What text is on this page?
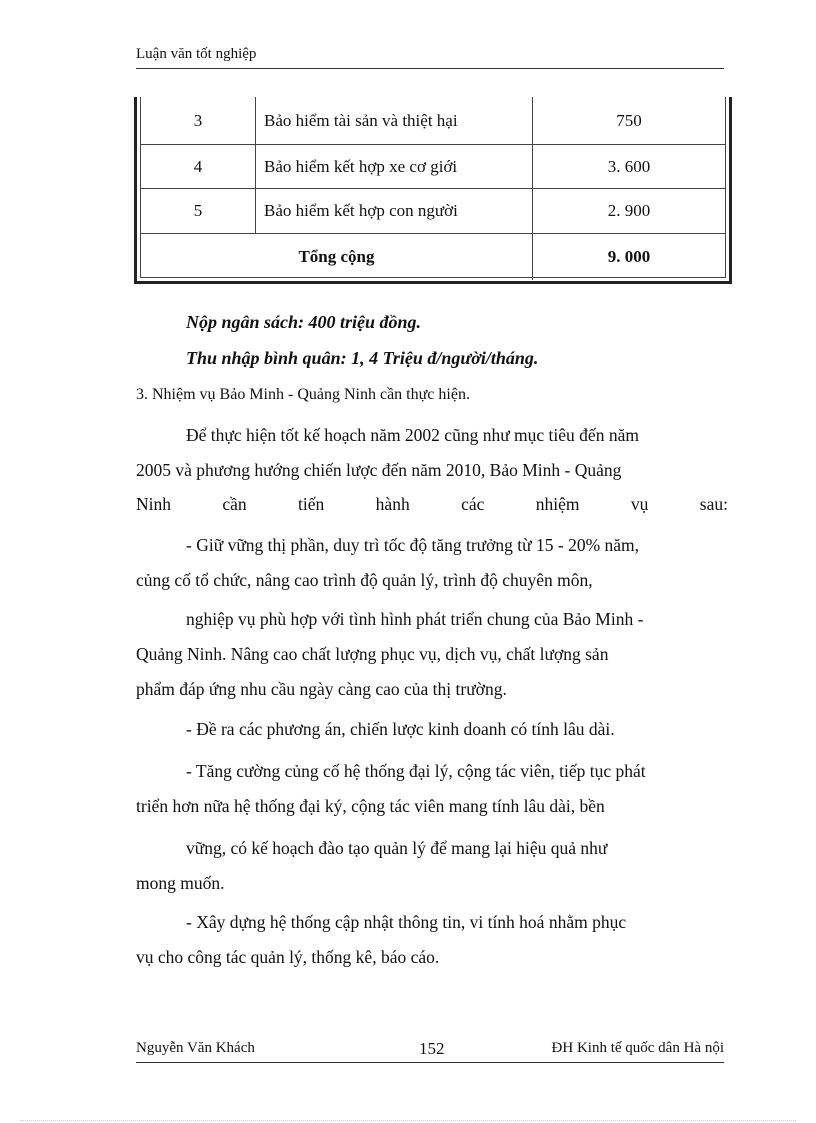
Luận văn tốt nghiệp
3	Bảo hiểm tài sản và thiệt hại	750
4	Bảo hiểm kết hợp xe cơ giới	3. 600
5	Bảo hiểm kết hợp con người	2. 900
Tổng cộng	9. 000
Nộp ngân sách: 400 triệu đồng.
Thu nhập bình quân: 1, 4 Triệu đ/người/tháng.
3. Nhiệm vụ Bảo Minh - Quảng Ninh cần thực hiện.
Để thực hiện tốt kế hoạch năm 2002 cũng như mục tiêu đến năm
2005 và phương hướng chiến lược đến năm 2010, Bảo Minh - Quảng
Ninh	cần	tiến	hành	các	nhiệm	vụ	sau:
- Giữ vững thị phần, duy trì tốc độ tăng trưởng từ 15 - 20% năm,
củng cố tổ chức, nâng cao trình độ quản lý, trình độ chuyên môn,
nghiệp vụ phù hợp với tình hình phát triển chung của Bảo Minh -
Quảng Ninh. Nâng cao chất lượng phục vụ, dịch vụ, chất lượng sản
phẩm đáp ứng nhu cầu ngày càng cao của thị trường.
- Đề ra các phương án, chiến lược kinh doanh có tính lâu dài.
- Tăng cường củng cố hệ thống đại lý, cộng tác viên, tiếp tục phát
triển hơn nữa hệ thống đại ký, cộng tác viên mang tính lâu dài, bền
vững, có kế hoạch đào tạo quản lý để mang lại hiệu quả như
mong muốn.
- Xây dựng hệ thống cập nhật thông tin, vi tính hoá nhằm phục
vụ cho công tác quản lý, thống kê, báo cáo.
Nguyễn Văn Khách	152	ĐH Kinh tế quốc dân Hà nội
